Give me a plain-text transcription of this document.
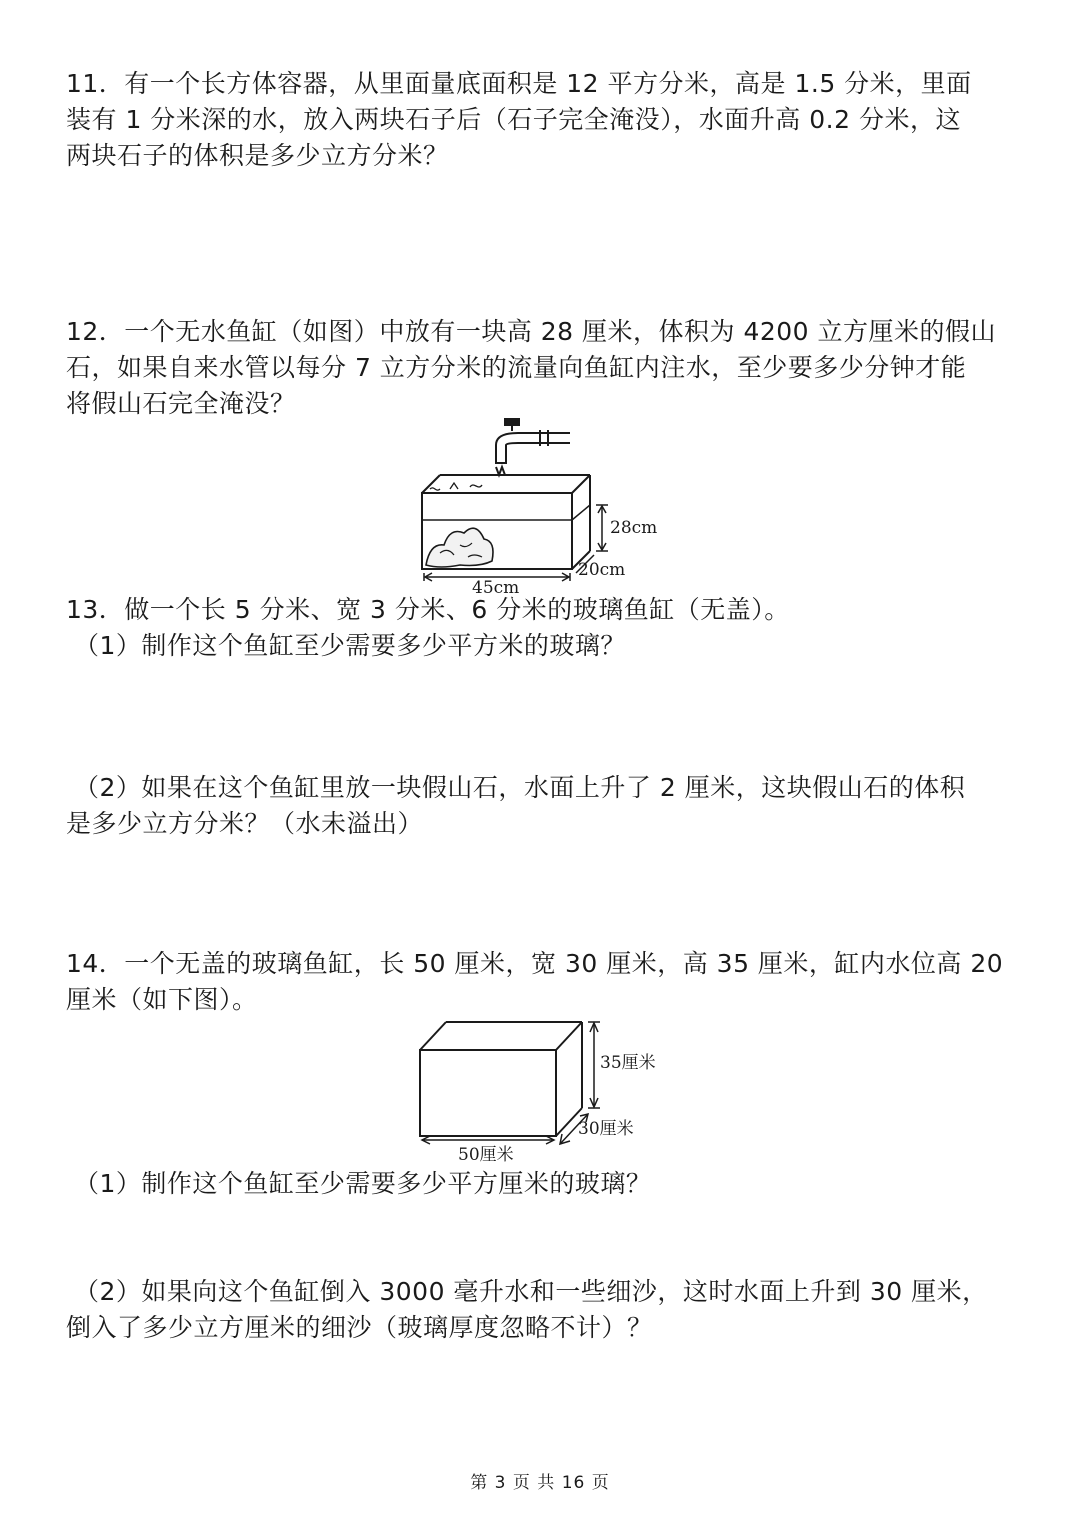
11．有一个长方体容器，从里面量底面积是 12 平方分米，高是 1.5 分米，里面

装有 1 分米深的水，放入两块石子后（石子完全淹没），水面升高 0.2 分米，这

两块石子的体积是多少立方分米？

12．一个无水鱼缸（如图）中放有一块高 28 厘米，体积为 4200 立方厘米的假山

石，如果自来水管以每分 7 立方分米的流量向鱼缸内注水，至少要多少分钟才能

将假山石完全淹没？

28cm
45cm
20cm

13．做一个长 5 分米、宽 3 分米、6 分米的玻璃鱼缸（无盖）。

（1）制作这个鱼缸至少需要多少平方米的玻璃？

（2）如果在这个鱼缸里放一块假山石，水面上升了 2 厘米，这块假山石的体积

是多少立方分米？（水未溢出）

14．一个无盖的玻璃鱼缸，长 50 厘米，宽 30 厘米，高 35 厘米，缸内水位高 20

厘米（如下图）。

35厘米
30厘米
50厘米

（1）制作这个鱼缸至少需要多少平方厘米的玻璃？

（2）如果向这个鱼缸倒入 3000 毫升水和一些细沙，这时水面上升到 30 厘米，

倒入了多少立方厘米的细沙（玻璃厚度忽略不计）？

第 3 页 共 16 页
